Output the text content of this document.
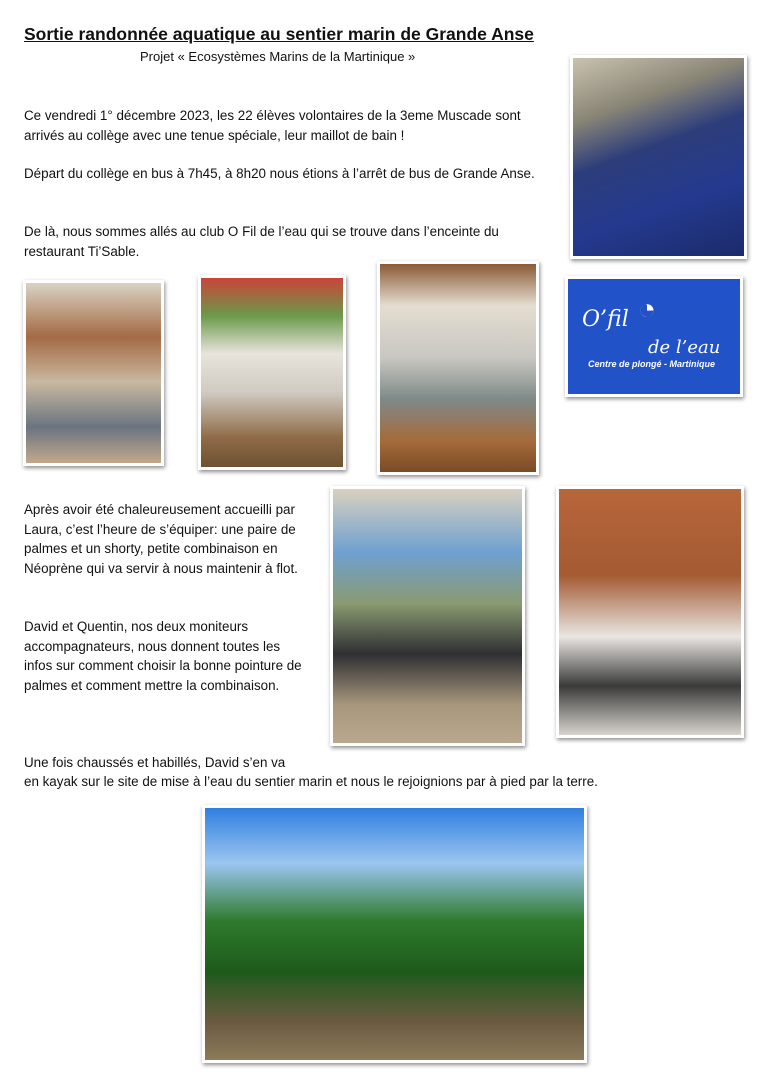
Sortie randonnée aquatique au sentier marin de Grande Anse
Projet « Ecosystèmes Marins de la Martinique »

Ce vendredi 1° décembre 2023, les 22 élèves volontaires de la 3eme Muscade sont arrivés au collège avec une tenue spéciale, leur maillot de bain !

Départ du collège en bus à 7h45, à 8h20 nous étions à l’arrêt de bus de Grande Anse.

De là, nous sommes allés au club O Fil de l’eau qui se trouve dans l’enceinte du restaurant Ti’Sable.

◔
O’fil
de l’eau
Centre de plongé - Martinique

Après avoir été chaleureusement accueilli par Laura, c’est l’heure de s’équiper: une paire de palmes et un shorty, petite combinaison en Néoprène qui va servir à nous maintenir à flot.

David et Quentin, nos deux moniteurs accompagnateurs, nous donnent toutes les infos sur comment choisir la bonne pointure de palmes et comment mettre la combinaison.

Une fois chaussés et habillés, David s’en va

en kayak sur le site de mise à l’eau du sentier marin et nous le rejoignions par à pied par la terre.
